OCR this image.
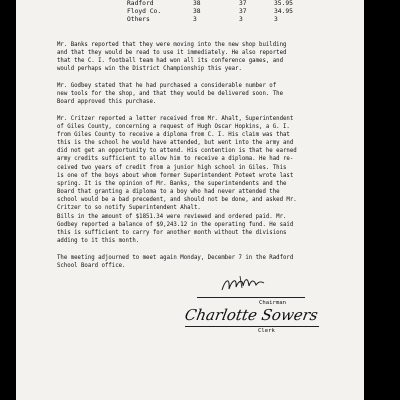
Radford	38	37	35.95
Floyd Co.	38	37	34.95
Others	3	3	3

Mr. Banks reported that they were moving into the new shop building
and that they would be read to use it immediately. He also reported
that the C. I. football team had won all its conference games, and
would perhaps win the District Championship this year.

Mr. Godbey stated that he had purchased a considerable number of
new tools for the shop, and that they would be delivered soon. The
Board approved this purchase.

Mr. Critzer reported a letter received from Mr. Ahalt, Superintendent
of Giles County, concerning a request of Hugh Oscar Hopkins, a G. I.
from Giles County to receive a diploma from C. I. His claim was that
this is the school he would have attended, but went into the army and
did not get an opportunity to attend. His contention is that he earned
army credits sufficient to allow him to receive a diploma. He had re-
ceived two years of credit from a junior high school in Giles. This
is one of the boys about whom former Superintendent Poteet wrote last
spring. It is the opinion of Mr. Banks, the superintendents and the
Board that granting a diploma to a boy who had never attended the
school would be a bad precedent, and should not be done, and asked Mr.
Critzer to so notify Superintendent Ahalt.

Bills in the amount of $1851.34 were reviewed and ordered paid. Mr.
Godbey reported a balance of $9,243.12 in the operating fund. He said
this is sufficient to carry for another month without the divisions
adding to it this month.

The meeting adjourned to meet again Monday, December 7 in the Radford
School Board office.

Chairman
Charlotte Sowers
Clerk
